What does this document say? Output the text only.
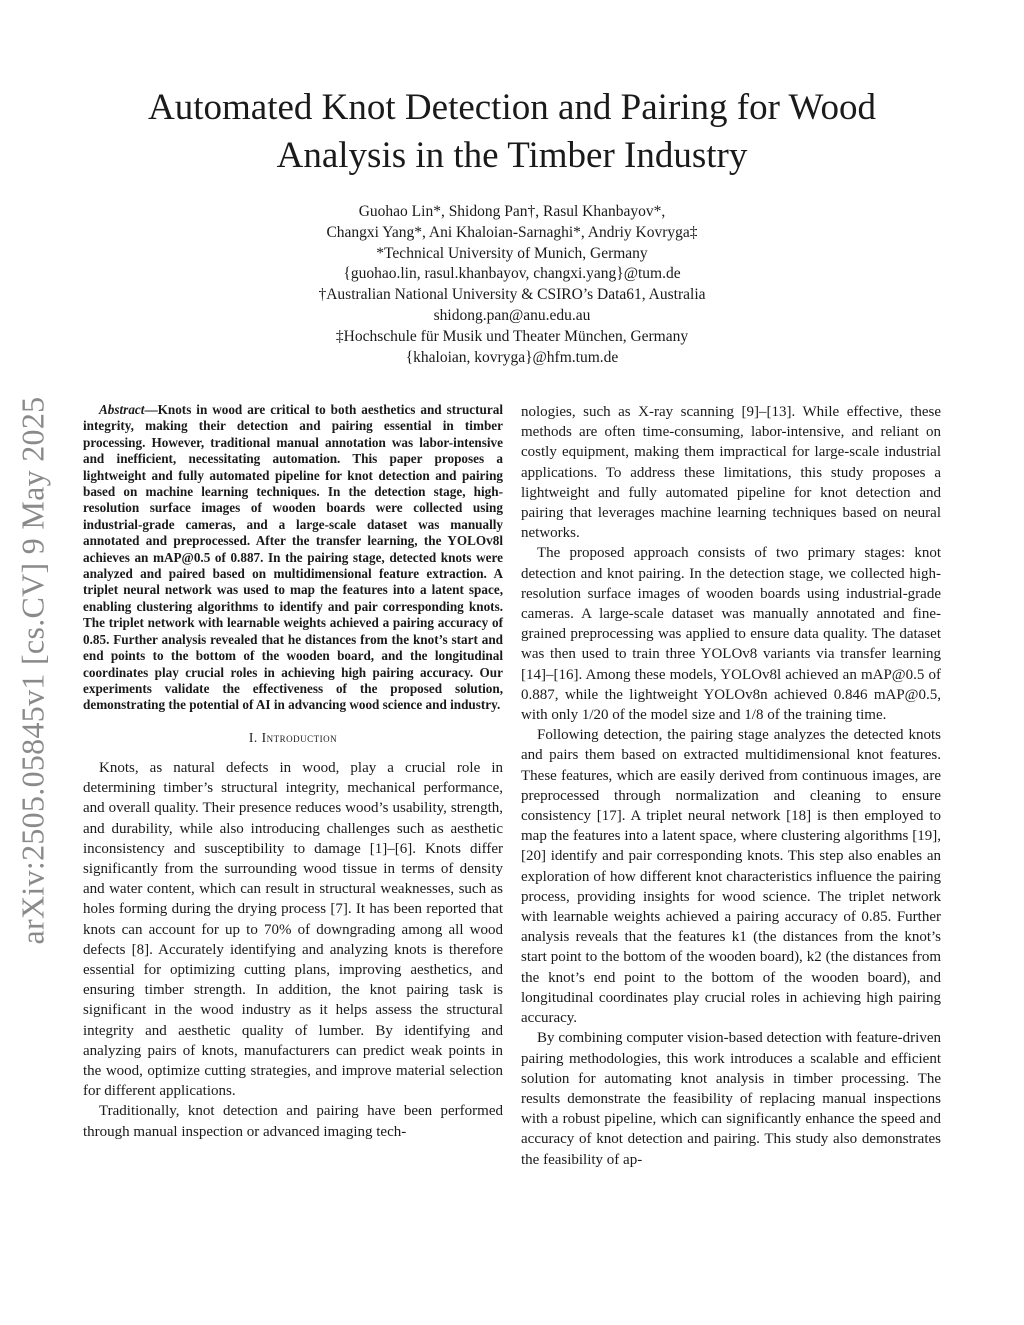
arXiv:2505.05845v1 [cs.CV] 9 May 2025
Automated Knot Detection and Pairing for Wood Analysis in the Timber Industry
Guohao Lin*, Shidong Pan†, Rasul Khanbayov*,
Changxi Yang*, Ani Khaloian-Sarnaghi*, Andriy Kovryga‡
*Technical University of Munich, Germany
{guohao.lin, rasul.khanbayov, changxi.yang}@tum.de
†Australian National University & CSIRO’s Data61, Australia
shidong.pan@anu.edu.au
‡Hochschule für Musik und Theater München, Germany
{khaloian, kovryga}@hfm.tum.de

Abstract—Knots in wood are critical to both aesthetics and structural integrity, making their detection and pairing essential in timber processing. However, traditional manual annotation was labor-intensive and inefficient, necessitating automation. This paper proposes a lightweight and fully automated pipeline for knot detection and pairing based on machine learning techniques. In the detection stage, high-resolution surface images of wooden boards were collected using industrial-grade cameras, and a large-scale dataset was manually annotated and preprocessed. After the transfer learning, the YOLOv8l achieves an mAP@0.5 of 0.887. In the pairing stage, detected knots were analyzed and paired based on multidimensional feature extraction. A triplet neural network was used to map the features into a latent space, enabling clustering algorithms to identify and pair corresponding knots. The triplet network with learnable weights achieved a pairing accuracy of 0.85. Further analysis revealed that he distances from the knot’s start and end points to the bottom of the wooden board, and the longitudinal coordinates play crucial roles in achieving high pairing accuracy. Our experiments validate the effectiveness of the proposed solution, demonstrating the potential of AI in advancing wood science and industry.

I. Introduction

Knots, as natural defects in wood, play a crucial role in determining timber’s structural integrity, mechanical performance, and overall quality. Their presence reduces wood’s usability, strength, and durability, while also introducing challenges such as aesthetic inconsistency and susceptibility to damage [1]–[6]. Knots differ significantly from the surrounding wood tissue in terms of density and water content, which can result in structural weaknesses, such as holes forming during the drying process [7]. It has been reported that knots can account for up to 70% of downgrading among all wood defects [8]. Accurately identifying and analyzing knots is therefore essential for optimizing cutting plans, improving aesthetics, and ensuring timber strength. In addition, the knot pairing task is significant in the wood industry as it helps assess the structural integrity and aesthetic quality of lumber. By identifying and analyzing pairs of knots, manufacturers can predict weak points in the wood, optimize cutting strategies, and improve material selection for different applications.

Traditionally, knot detection and pairing have been performed through manual inspection or advanced imaging tech-

nologies, such as X-ray scanning [9]–[13]. While effective, these methods are often time-consuming, labor-intensive, and reliant on costly equipment, making them impractical for large-scale industrial applications. To address these limitations, this study proposes a lightweight and fully automated pipeline for knot detection and pairing that leverages machine learning techniques based on neural networks.

The proposed approach consists of two primary stages: knot detection and knot pairing. In the detection stage, we collected high-resolution surface images of wooden boards using industrial-grade cameras. A large-scale dataset was manually annotated and fine-grained preprocessing was applied to ensure data quality. The dataset was then used to train three YOLOv8 variants via transfer learning [14]–[16]. Among these models, YOLOv8l achieved an mAP@0.5 of 0.887, while the lightweight YOLOv8n achieved 0.846 mAP@0.5, with only 1/20 of the model size and 1/8 of the training time.

Following detection, the pairing stage analyzes the detected knots and pairs them based on extracted multidimensional knot features. These features, which are easily derived from continuous images, are preprocessed through normalization and cleaning to ensure consistency [17]. A triplet neural network [18] is then employed to map the features into a latent space, where clustering algorithms [19], [20] identify and pair corresponding knots. This step also enables an exploration of how different knot characteristics influence the pairing process, providing insights for wood science. The triplet network with learnable weights achieved a pairing accuracy of 0.85. Further analysis reveals that the features k1 (the distances from the knot’s start point to the bottom of the wooden board), k2 (the distances from the knot’s end point to the bottom of the wooden board), and longitudinal coordinates play crucial roles in achieving high pairing accuracy.

By combining computer vision-based detection with feature-driven pairing methodologies, this work introduces a scalable and efficient solution for automating knot analysis in timber processing. The results demonstrate the feasibility of replacing manual inspections with a robust pipeline, which can significantly enhance the speed and accuracy of knot detection and pairing. This study also demonstrates the feasibility of ap-
